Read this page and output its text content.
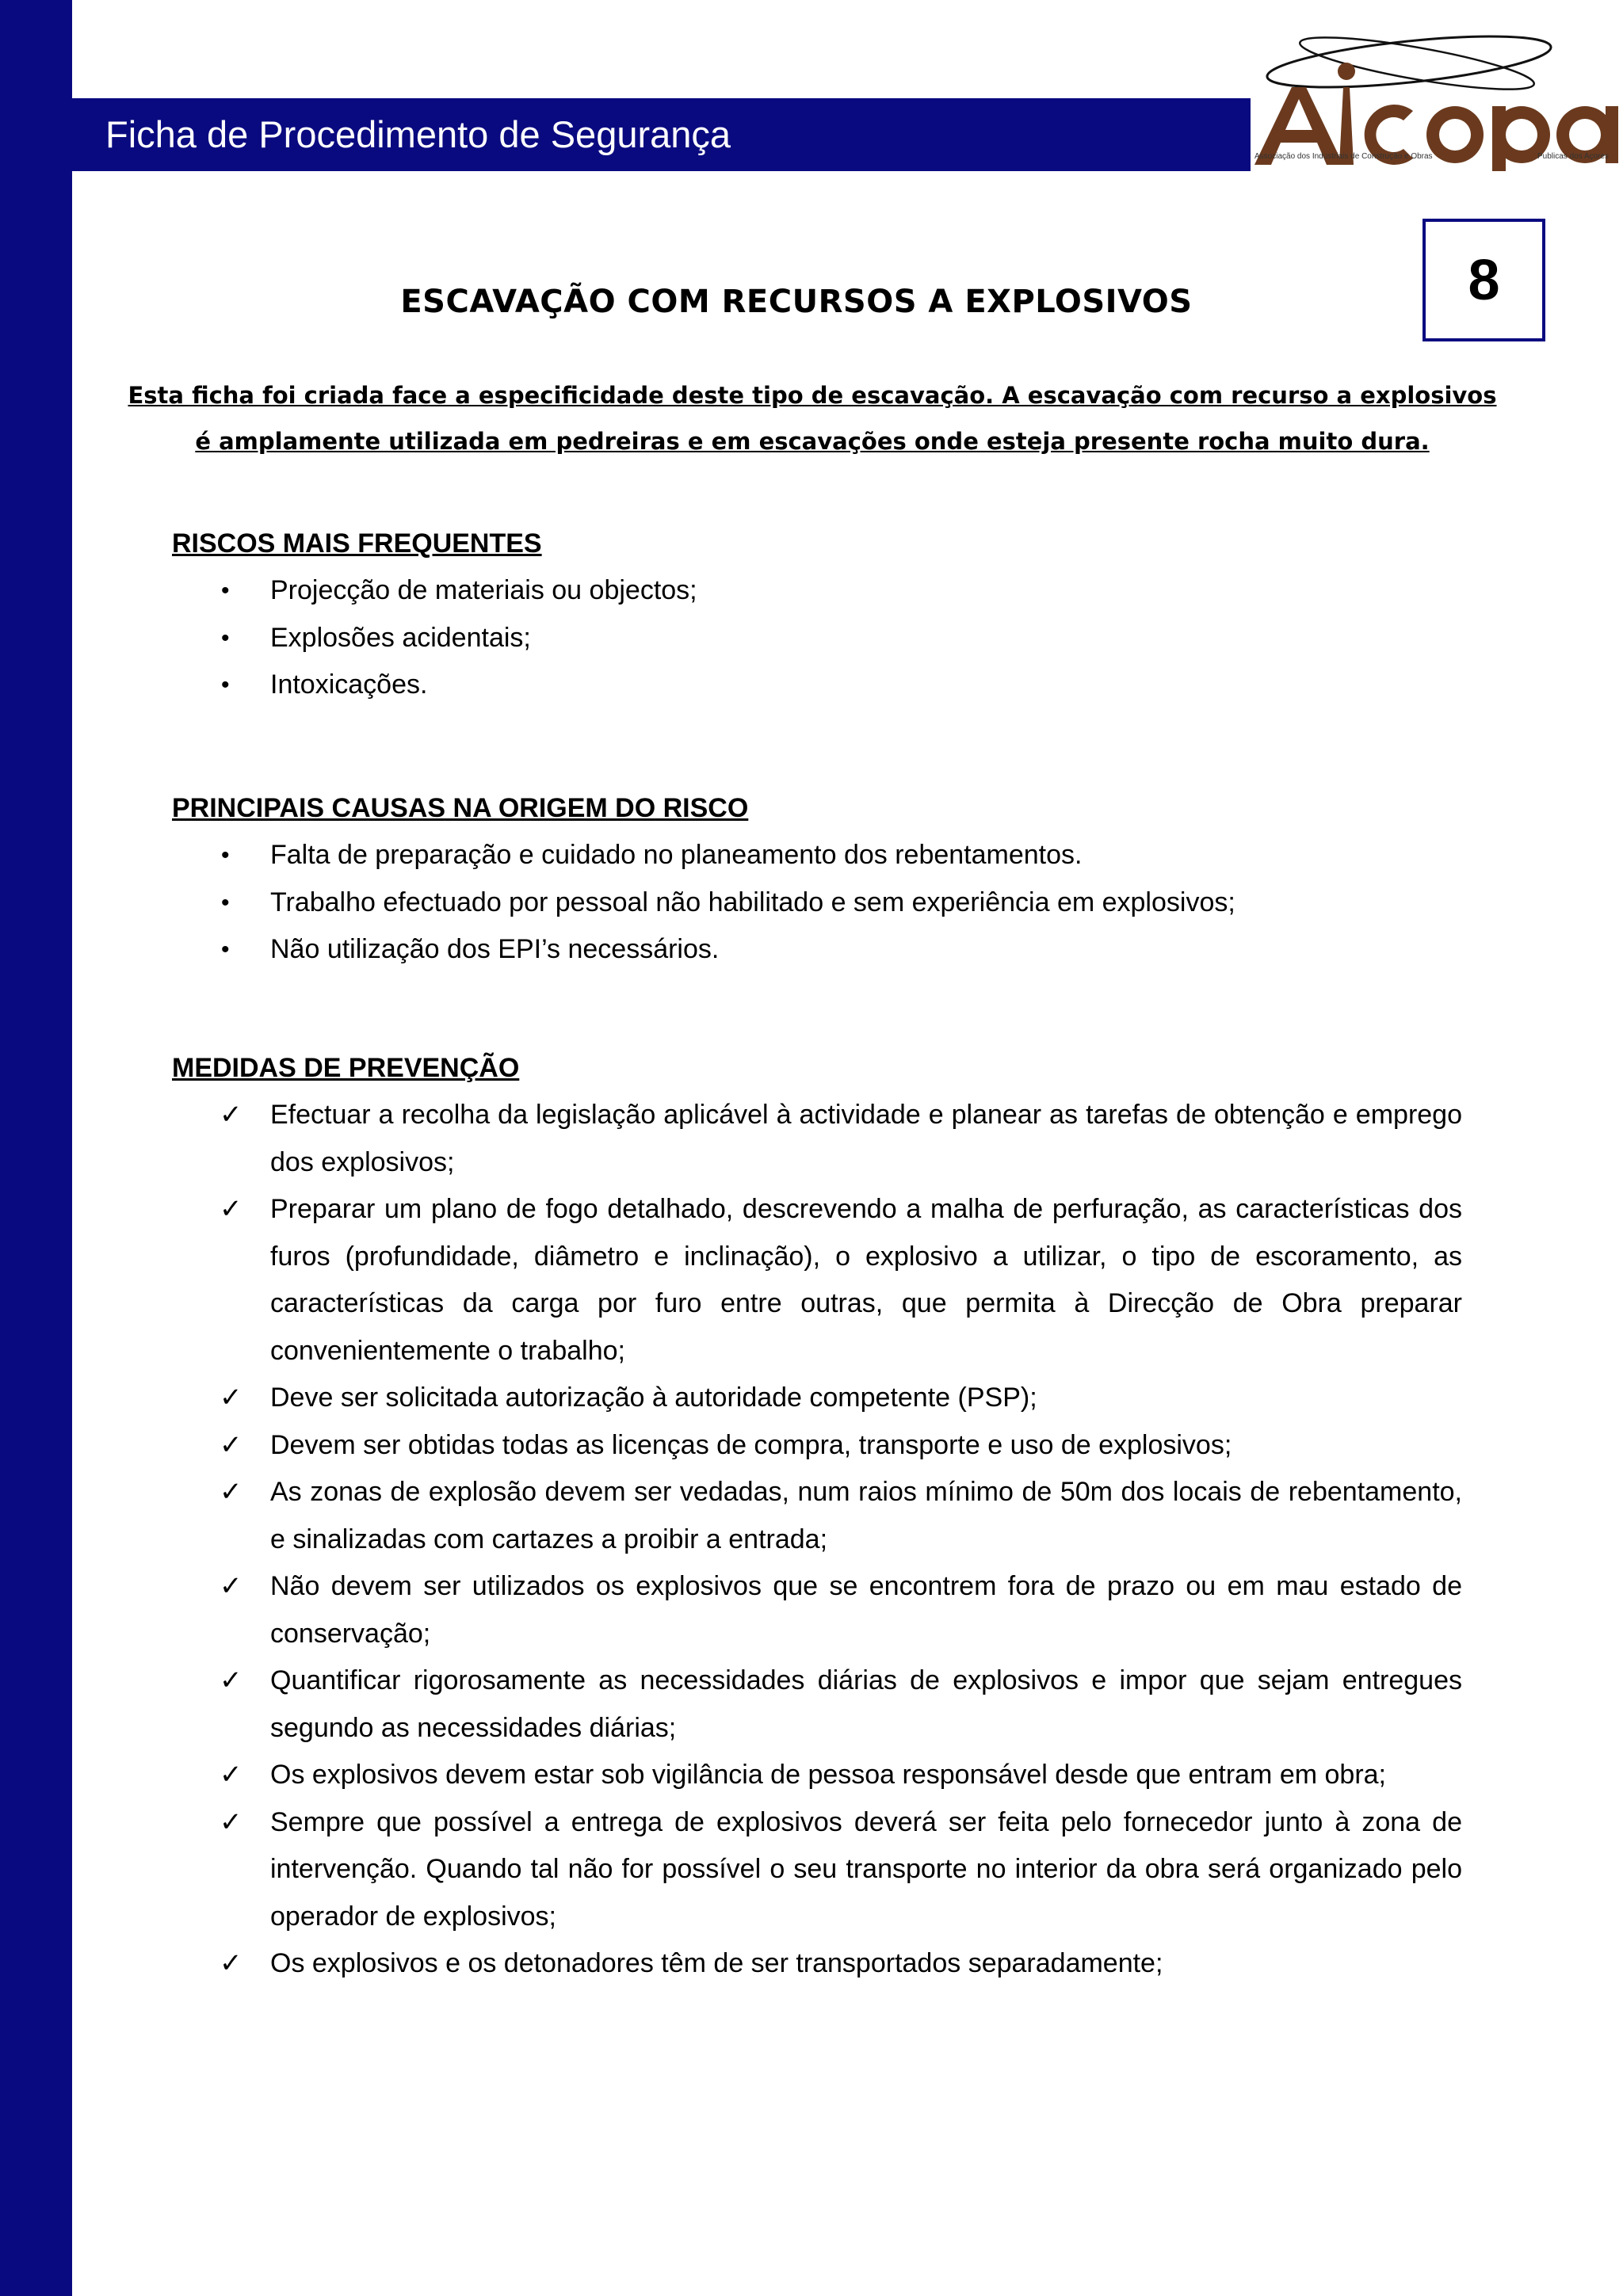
Ficha de Procedimento de Segurança
Associação dos Industriais de Construção e Obras	Publicas dos Açores
8
ESCAVAÇÃO COM RECURSOS A EXPLOSIVOS
Esta ficha foi criada face a especificidade deste tipo de escavação. A escavação com recurso a explosivos é amplamente utilizada em pedreiras e em escavações onde esteja presente rocha muito dura.
RISCOS MAIS FREQUENTES
• Projecção de materiais ou objectos;
• Explosões acidentais;
• Intoxicações.
PRINCIPAIS CAUSAS NA ORIGEM DO RISCO
• Falta de preparação e cuidado no planeamento dos rebentamentos.
• Trabalho efectuado por pessoal não habilitado e sem experiência em explosivos;
• Não utilização dos EPI’s necessários.
MEDIDAS DE PREVENÇÃO
✓ Efectuar a recolha da legislação aplicável à actividade e planear as tarefas de obtenção e emprego dos explosivos;
✓ Preparar um plano de fogo detalhado, descrevendo a malha de perfuração, as características dos furos (profundidade, diâmetro e inclinação), o explosivo a utilizar, o tipo de escoramento, as características da carga por furo entre outras, que permita à Direcção de Obra preparar convenientemente o trabalho;
✓ Deve ser solicitada autorização à autoridade competente (PSP);
✓ Devem ser obtidas todas as licenças de compra, transporte e uso de explosivos;
✓ As zonas de explosão devem ser vedadas, num raios mínimo de 50m dos locais de rebentamento, e sinalizadas com cartazes a proibir a entrada;
✓ Não devem ser utilizados os explosivos que se encontrem fora de prazo ou em mau estado de conservação;
✓ Quantificar rigorosamente as necessidades diárias de explosivos e impor que sejam entregues segundo as necessidades diárias;
✓ Os explosivos devem estar sob vigilância de pessoa responsável desde que entram em obra;
✓ Sempre que possível a entrega de explosivos deverá ser feita pelo fornecedor junto à zona de intervenção. Quando tal não for possível o seu transporte no interior da obra será organizado pelo operador de explosivos;
✓ Os explosivos e os detonadores têm de ser transportados separadamente;
